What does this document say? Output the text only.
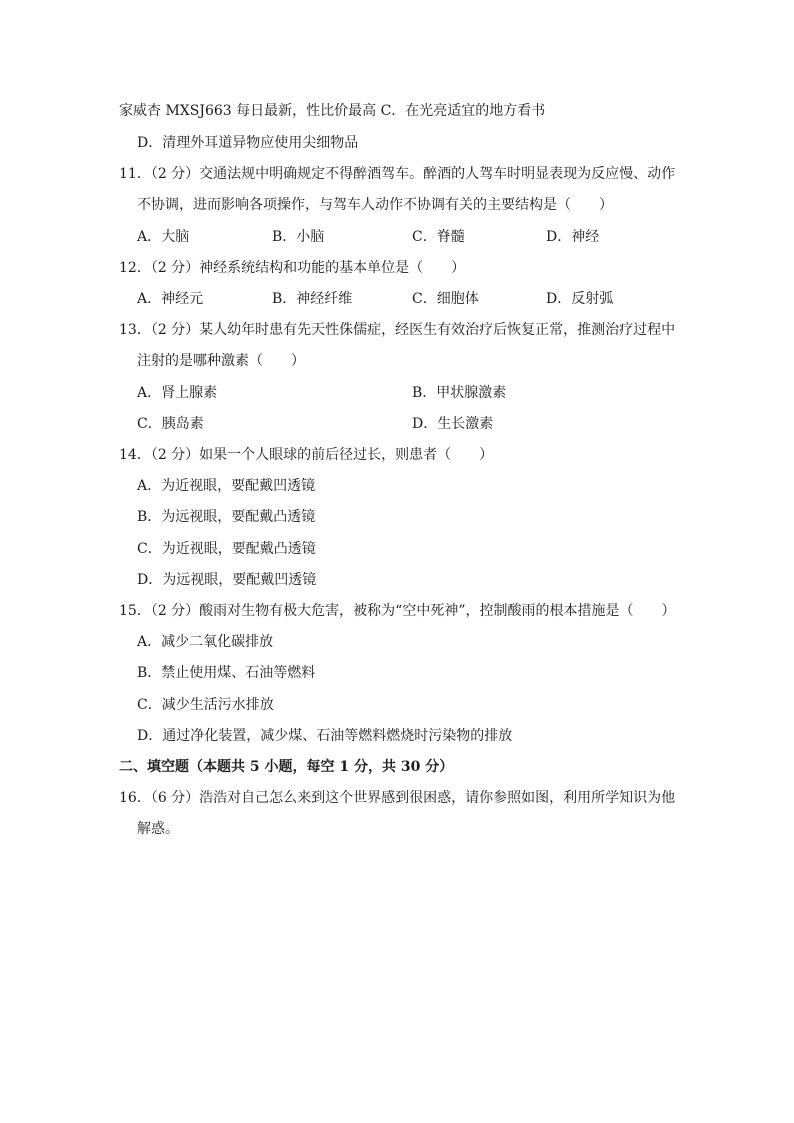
家威杏 MXSJ663 每日最新，性比价最高 C．在光亮适宜的地方看书
D．清理外耳道异物应使用尖细物品
11．（2 分）交通法规中明确规定不得醉酒驾车。醉酒的人驾车时明显表现为反应慢、动作
不协调，进而影响各项操作，与驾车人动作不协调有关的主要结构是（　　）
A．大脑	B．小脑	C．脊髓	D．神经
12．（2 分）神经系统结构和功能的基本单位是（　　）
A．神经元	B．神经纤维	C．细胞体	D．反射弧
13．（2 分）某人幼年时患有先天性侏儒症，经医生有效治疗后恢复正常，推测治疗过程中
注射的是哪种激素（　　）
A．肾上腺素	B．甲状腺激素
C．胰岛素	D．生长激素
14．（2 分）如果一个人眼球的前后径过长，则患者（　　）
A．为近视眼，要配戴凹透镜
B．为远视眼，要配戴凸透镜
C．为近视眼，要配戴凸透镜
D．为远视眼，要配戴凹透镜
15．（2 分）酸雨对生物有极大危害，被称为“空中死神”，控制酸雨的根本措施是（　　）
A．减少二氧化碳排放
B．禁止使用煤、石油等燃料
C．减少生活污水排放
D．通过净化装置，减少煤、石油等燃料燃烧时污染物的排放
二、填空题（本题共 5 小题，每空 1 分，共 30 分）
16．（6 分）浩浩对自己怎么来到这个世界感到很困惑，请你参照如图，利用所学知识为他
解惑。
